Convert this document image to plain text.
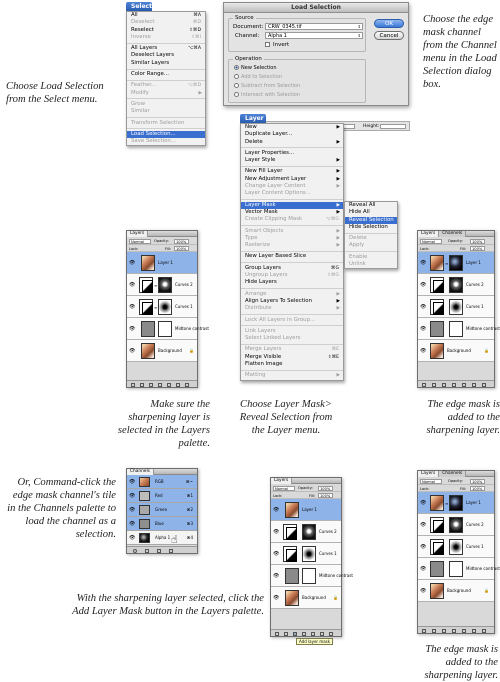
Choose Load Selection from the Select menu.
Choose the edge mask channel from the Channel menu in the Load Selection dialog box.
Make sure the sharpening layer is selected in the Layers palette.
Choose Layer Mask> Reveal Selection from the Layer menu.
The edge mask is added to the sharpening layer.
Or, Command-click the edge mask channel's tile in the Channels palette to load the channel as a selection.
With the sharpening layer selected, click the Add Layer Mask button in the Layers palette.
The edge mask is added to the sharpening layer.
Select
All	⌘A
Deselect	⌘D
Reselect	⇧⌘D
Inverse	⇧⌘I
All Layers	⌥⌘A
Deselect Layers
Similar Layers
Color Range...
Feather...	⌥⌘D
Modify	▶
Grow
Similar
Transform Selection
Load Selection...
Save Selection...
Load Selection
Source
Document: CRW_0345.tif	⇕
Channel:	Alpha 1	⇕
Invert
Operation
New Selection
Add to Selection
Subtract from Selection
Intersect with Selection
OK
Cancel
Height:
Layer
New	▶
Duplicate Layer...
Delete	▶
Layer Properties...
Layer Style	▶
New Fill Layer	▶
New Adjustment Layer	▶
Change Layer Content	▶
Layer Content Options...
Layer Mask	▶
Vector Mask	▶
Create Clipping Mask	⌥⌘G
Smart Objects	▶
Type	▶
Rasterize	▶
New Layer Based Slice
Group Layers	⌘G
Ungroup Layers	⇧⌘G
Hide Layers
Arrange	▶
Align Layers To Selection	▶
Distribute	▶
Lock All Layers in Group...
Link Layers
Select Linked Layers
Merge Layers	⌘E
Merge Visible	⇧⌘E
Flatten Image
Matting	▶
Reveal All
Hide All
Reveal Selection
Hide Selection
Delete
Apply
Enable
Unlink
Layers
Normal	Opacity:	100%
Lock:	Fill:	100%
👁	Layer 1
👁	∞	Curves 2
👁	∞	Curves 1
👁	Midtone contrast
👁	Background 🔒
Layers Channels
Normal	Opacity:	100%
Lock:	Fill:	100%
👁	∞	Layer 1
👁	Curves 2
👁	Curves 1
👁	Midtone contrast
👁	Background	🔒
Channels
👁	RGB	⌘~
👁	Red	⌘1
👁	Green	⌘2
👁	Blue	⌘3
👁	Alpha 1	⌘4
☝
Layers
Normal	Opacity:	100%
Lock:	Fill:	100%
👁	Layer 1
👁	Curves 2
👁	Curves 1
👁	Midtone contrast
👁	Background 🔒
Add layer mask
Layers Channels
Normal	Opacity:	100%
Lock:	Fill:	100%
👁	∞	Layer 1
👁	Curves 2
👁	Curves 1
👁	Midtone contrast
👁	Background	🔒
